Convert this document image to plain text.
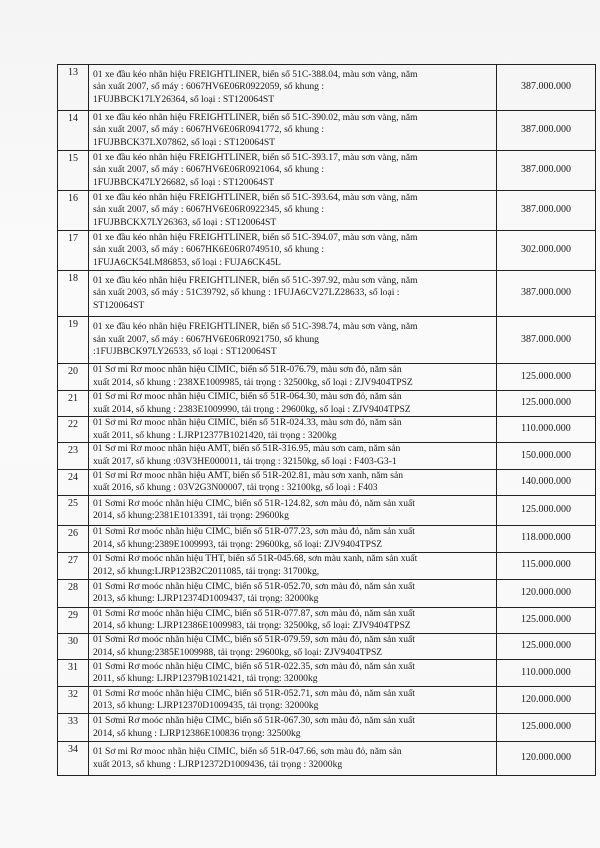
13	01 xe đầu kéo nhãn hiệu FREIGHTLINER, biển số 51C-388.04, màu sơn vàng, năm
sản xuất 2007, số máy : 6067HV6E06R0922059, số khung :
1FUJBBCK17LY26364, số loại : ST120064ST	387.000.000
14	01 xe đầu kéo nhãn hiệu FREIGHTLINER, biển số 51C-390.02, màu sơn vàng, năm
sản xuất 2007, số máy : 6067HV6E06R0941772, số khung :
1FUJBBCK37LX07862, số loại : ST120064ST	387.000.000
15	01 xe đầu kéo nhãn hiệu FREIGHTLINER, biển số 51C-393.17, màu sơn vàng, năm
sản xuất 2007, số máy : 6067HV6E06R0921064, số khung :
1FUJBBCK47LY26682, số loại : ST120064ST	387.000.000
16	01 xe đầu kéo nhãn hiệu FREIGHTLINER, biển số 51C-393.64, màu sơn vàng, năm
sản xuất 2007, số máy : 6067HV6E06R0922345, số khung :
1FUJBBCKX7LY26363, số loại : ST120064ST	387.000.000
17	01 xe đầu kéo nhãn hiệu FREIGHTLINER, biển số 51C-394.07, màu sơn vàng, năm
sản xuất 2003, số máy : 6067HK6E06R0749510, số khung :
1FUJA6CK54LM86853, số loại : FUJA6CK45L	302.000.000
18	01 xe đầu kéo nhãn hiệu FREIGHTLINER, biển số 51C-397.92, màu sơn vàng, năm
sản xuất 2003, số máy : 51C39792, số khung : 1FUJA6CV27LZ28633, số loại :
ST120064ST	387.000.000
19	01 xe đầu kéo nhãn hiệu FREIGHTLINER, biển số 51C-398.74, màu sơn vàng, năm
sản xuất 2007, số máy : 6067HV6E06R0921750, số khung
:1FUJBBCK97LY26533, số loại : ST120064ST	387.000.000
20	01 Sơ mi Rơ mooc nhãn hiệu CIMIC, biển số 51R-076.79, màu sơn đỏ, năm sản
xuất 2014, số khung : 238XE1009985, tải trọng : 32500kg, số loại : ZJV9404TPSZ	125.000.000
21	01 Sơ mi Rơ mooc nhãn hiệu CIMIC, biển số 51R-064.30, màu sơn đỏ, năm sản
xuất 2014, số khung : 2383E1009990, tải trọng : 29600kg, số loại : ZJV9404TPSZ	125.000.000
22	01 Sơ mi Rơ mooc nhãn hiệu CIMIC, biển số 51R-024.33, màu sơn đỏ, năm sản
xuất 2011, số khung : LJRP12377B1021420, tải trọng : 3200kg	110.000.000
23	01 Sơ mi Rơ mooc nhãn hiệu AMT, biển số 51R-316.95, màu sơn cam, năm sản
xuất 2017, số khung :03V3HE000011, tải trọng : 32150kg, số loại : F403-G3-1	150.000.000
24	01 Sơ mi Rơ mooc nhãn hiệu AMT, biển số 51R-202.81, màu sơn xanh, năm sản
xuất 2016, số khung : 03V2G3N00007, tải trọng : 32100kg, số loại : F403	140.000.000
25	01 Sơmi Rơ moóc nhãn hiệu CIMC, biển số 51R-124.82, sơn màu đỏ, năm sản xuất
2014, số khung:2381E1013391, tải trọng: 29600kg	125.000.000
26	01 Sơmi Rơ moóc nhãn hiệu CIMC, biển số 51R-077.23, sơn màu đỏ, năm sản xuất
2014, số khung:2389E1009993, tải trọng: 29600kg, số loại: ZJV9404TPSZ	118.000.000
27	01 Sơmi Rơ moóc nhãn hiệu THT, biển số 51R-045.68, sơn màu xanh, năm sản xuất
2012, số khung:LJRP123B2C2011085, tải trọng: 31700kg,	115.000.000
28	01 Sơmi Rơ moóc nhãn hiệu CIMC, biển số 51R-052.70, sơn màu đỏ, năm sản xuất
2013, số khung: LJRP12374D1009437, tải trọng: 32000kg	120.000.000
29	01 Sơmi Rơ moóc nhãn hiệu CIMC, biển số 51R-077.87, sơn màu đỏ, năm sản xuất
2014, số khung: LJRP12386E1009983, tải trọng: 32500kg, số loại: ZJV9404TPSZ	125.000.000
30	01 Sơmi Rơ moóc nhãn hiệu CIMC, biển số 51R-079.59, sơn màu đỏ, năm sản xuất
2014, số khung:2385E1009988, tải trọng: 29600kg, số loại: ZJV9404TPSZ	125.000.000
31	01 Sơmi Rơ moóc nhãn hiệu CIMC, biển số 51R-022.35, sơn màu đỏ, năm sản xuất
2011, số khung: LJRP12379B1021421, tải trọng: 32000kg	110.000.000
32	01 Sơmi Rơ moóc nhãn hiệu CIMC, biển số 51R-052.71, sơn màu đỏ, năm sản xuất
2013, số khung: LJRP12370D1009435, tải trọng: 32000kg	120.000.000
33	01 Sơmi Rơ moóc nhãn hiệu CIMC, biển số 51R-067.30, sơn màu đỏ, năm sản xuất
2014, số khung : LJRP12386E100836 trọng: 32500kg	125.000.000
34	01 Sơ mi Rơ mooc nhãn hiệu CIMIC, biển số 51R-047.66, sơn màu đỏ, năm sản
xuất 2013, số khung : LJRP12372D1009436, tải trọng : 32000kg	120.000.000
